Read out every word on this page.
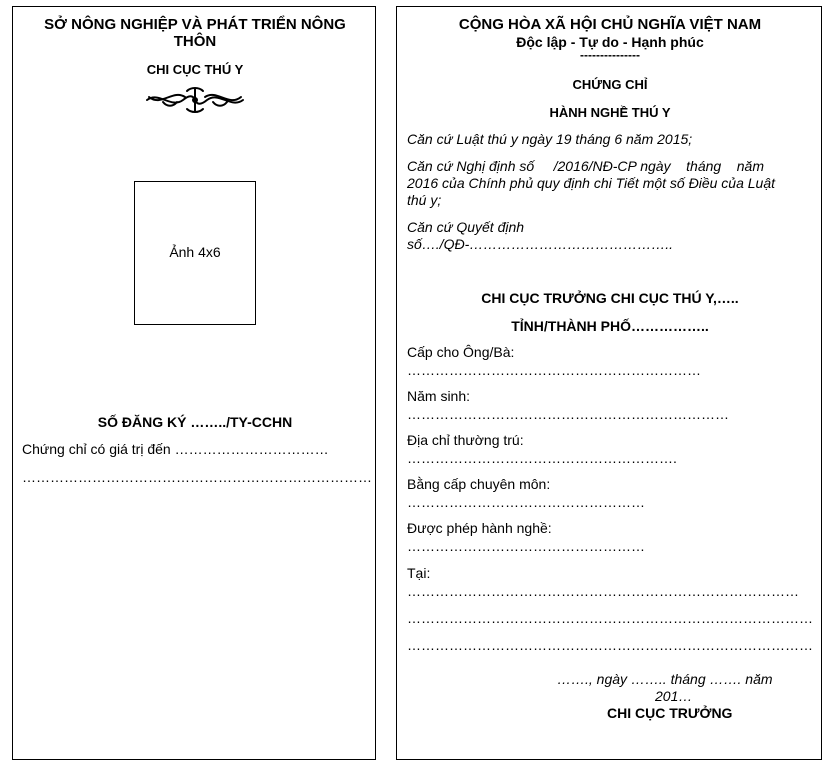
SỞ NÔNG NGHIỆP VÀ PHÁT TRIỂN NÔNG THÔN
CHI CỤC THÚ Y
Ảnh 4x6
SỐ ĐĂNG KÝ ……../TY-CCHN
Chứng chỉ có giá trị đến ……………………………
…………………………………………………………………
CỘNG HÒA XÃ HỘI CHỦ NGHĨA VIỆT NAM
Độc lập - Tự do - Hạnh phúc
---------------
CHỨNG CHỈ
HÀNH NGHỀ THÚ Y
Căn cứ Luật thú y ngày 19 tháng 6 năm 2015;
Căn cứ Nghị định số     /2016/NĐ-CP ngày    tháng    năm
2016 của Chính phủ quy định chi Tiết một số Điều của Luật
thú y;
Căn cứ Quyết định
số…./QĐ-……………………………………..
CHI CỤC TRƯỞNG CHI CỤC THÚ Y,…..
TỈNH/THÀNH PHỐ……………..
Cấp cho Ông/Bà:
………………………………………………………
Năm sinh:
……………………………………………………………
Địa chỉ thường trú:
………………………………………………….
Bằng cấp chuyên môn:
……………………………………………
Được phép hành nghề:
……………………………………………
Tại:
…………………………………………………………………………
……………………………………………………………………………
……………………………………………………………………………
……., ngày …….. tháng ……. năm
201…
CHI CỤC TRƯỞNG
